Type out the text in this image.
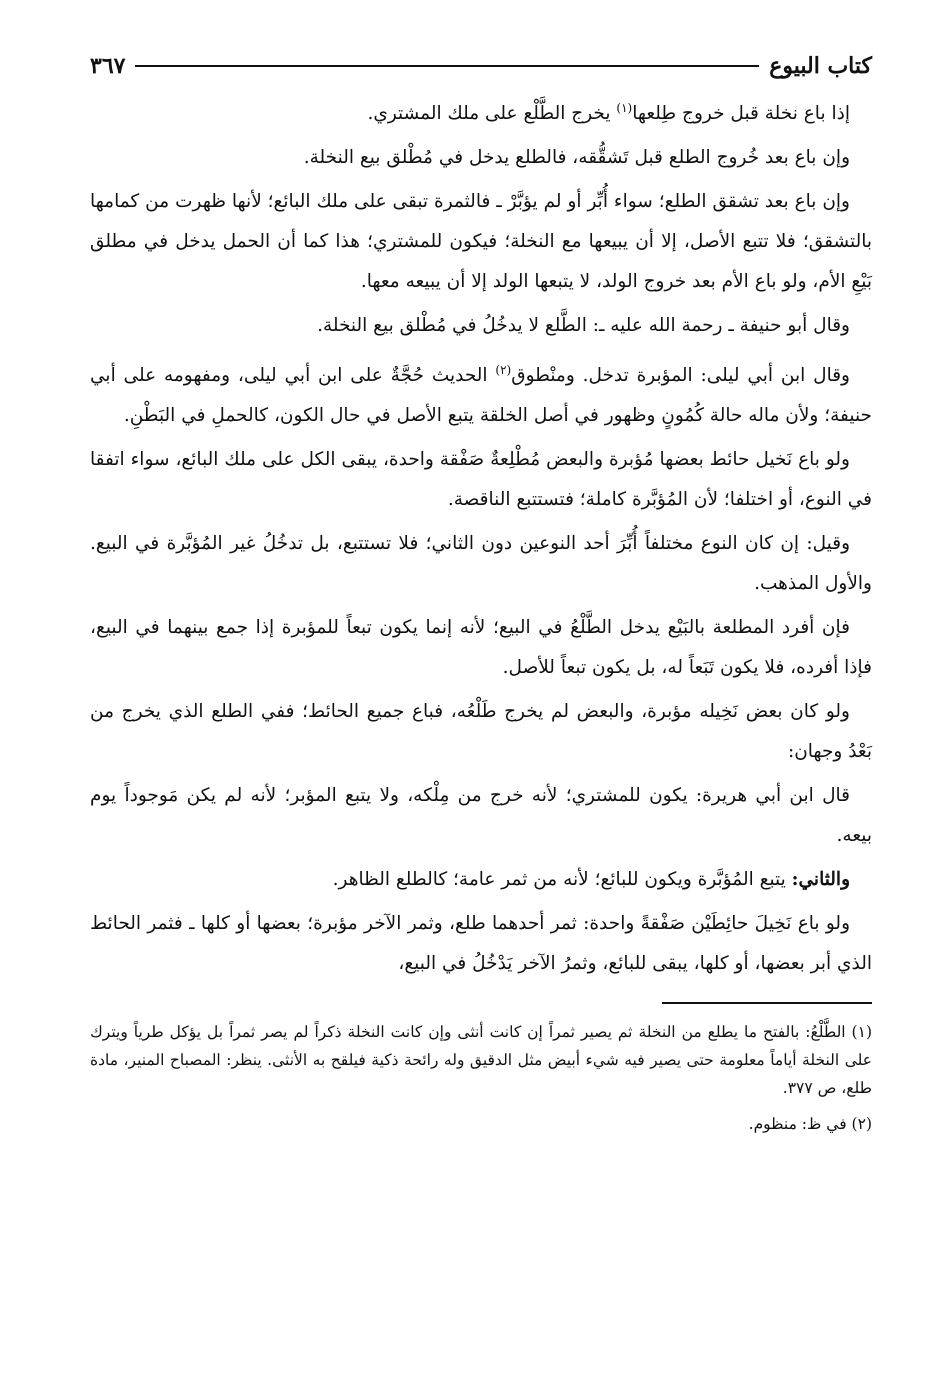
كتاب البيوع
٣٦٧

إذا باع نخلة قبل خروج طِلعها$^{(١)}$ يخرج الطَّلْع على ملك المشتري.

وإن باع بعد خُروج الطلع قبل تَشقُّقه، فالطلع يدخل في مُطْلق بيع النخلة.

وإن باع بعد تشقق الطلع؛ سواء أُبِّر أو لم يؤبَّرْ ـ فالثمرة تبقى على ملك البائع؛ لأنها ظهرت من كمامها بالتشقق؛ فلا تتبع الأصل، إلا أن يبيعها مع النخلة؛ فيكون للمشتري؛ هذا كما أن الحمل يدخل في مطلق بَيْعِ الأم، ولو باع الأم بعد خروج الولد، لا يتبعها الولد إلا أن يبيعه معها.

وقال أبو حنيفة ـ رحمة الله عليه ـ: الطَّلع لا يدخُلُ في مُطْلق بيع النخلة.

وقال ابن أبي ليلى: المؤبرة تدخل. ومنْطوق$^{(٢)}$ الحديث حُجَّةٌ على ابن أبي ليلى، ومفهومه على أبي حنيفة؛ ولأن ماله حالة كُمُونٍ وظهور في أصل الخلقة يتبع الأصل في حال الكون، كالحملِ في البَطْنِ.

ولو باع نَخيل حائط بعضها مُؤبرة والبعض مُطْلِعةٌ صَفْقة واحدة، يبقى الكل على ملك البائع، سواء اتفقا في النوع، أو اختلفا؛ لأن المُؤبَّرة كاملة؛ فتستتبع الناقصة.

وقيل: إن كان النوع مختلفاً أُبِّرَ أحد النوعين دون الثاني؛ فلا تستتبع، بل تدخُلُ غير المُؤبَّرة في البيع. والأول المذهب.

فإن أفرد المطلعة بالبَيْع يدخل الطَّلْعُ في البيع؛ لأنه إنما يكون تبعاً للمؤبرة إذا جمع بينهما في البيع، فإذا أفرده، فلا يكون تَبَعاً له، بل يكون تبعاً للأصل.

ولو كان بعض نَخِيله مؤبرة، والبعض لم يخرج طَلْعُه، فباع جميع الحائط؛ ففي الطلع الذي يخرج من بَعْدُ وجهان:

قال ابن أبي هريرة: يكون للمشتري؛ لأنه خرج من مِلْكه، ولا يتبع المؤبر؛ لأنه لم يكن مَوجوداً يوم بيعه.

والثاني: يتبع المُؤبَّرة ويكون للبائع؛ لأنه من ثمر عامة؛ كالطلع الظاهر.

ولو باع نَخِيلَ حائِطَيْن صَفْقةً واحدة: ثمر أحدهما طلع، وثمر الآخر مؤبرة؛ بعضها أو كلها ـ فثمر الحائط الذي أبر بعضها، أو كلها، يبقى للبائع، وثمرُ الآخر يَدْخُلُ في البيع،

(١) الطَّلْعُ: بالفتح ما يطلع من النخلة ثم يصير ثمراً إن كانت أنثى وإن كانت النخلة ذكراً لم يصر ثمراً بل يؤكل طرياً ويترك على النخلة أياماً معلومة حتى يصير فيه شيء أبيض مثل الدقيق وله رائحة ذكية فيلقح به الأنثى. ينظر: المصباح المنير، مادة طلع، ص ٣٧٧.

(٢) في ظ: منظوم.
